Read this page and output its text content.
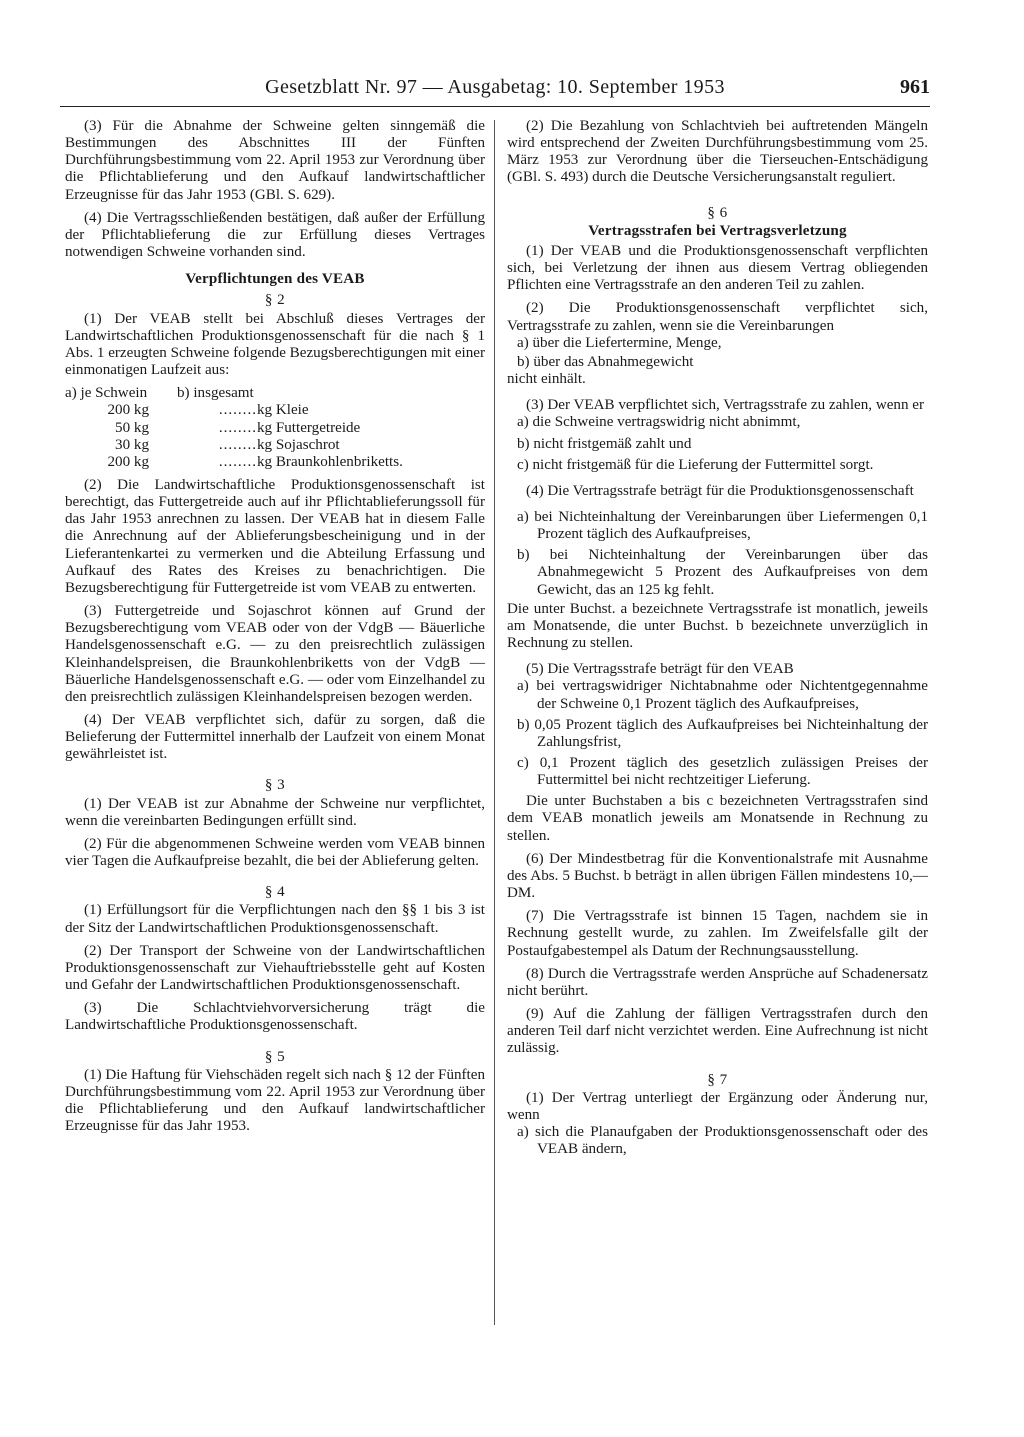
Gesetzblatt Nr. 97 — Ausgabetag: 10. September 1953	961

(3) Für die Abnahme der Schweine gelten sinngemäß die Bestimmungen des Abschnittes III der Fünften Durchführungsbestimmung vom 22. April 1953 zur Verordnung über die Pflichtablieferung und den Aufkauf landwirtschaftlicher Erzeugnisse für das Jahr 1953 (GBl. S. 629).

(4) Die Vertragsschließenden bestätigen, daß außer der Erfüllung der Pflichtablieferung die zur Erfüllung dieses Vertrages notwendigen Schweine vorhanden sind.

Verpflichtungen des VEAB
§ 2

(1) Der VEAB stellt bei Abschluß dieses Vertrages der Landwirtschaftlichen Produktionsgenossenschaft für die nach § 1 Abs. 1 erzeugten Schweine folgende Bezugsberechtigungen mit einer einmonatigen Laufzeit aus:

a) je Schwein	b) insgesamt	
200 kg	........	kg Kleie
50 kg	........	kg Futtergetreide
30 kg	........	kg Sojaschrot
200 kg	........	kg Braunkohlenbriketts.

(2) Die Landwirtschaftliche Produktionsgenossenschaft ist berechtigt, das Futtergetreide auch auf ihr Pflichtablieferungssoll für das Jahr 1953 anrechnen zu lassen. Der VEAB hat in diesem Falle die Anrechnung auf der Ablieferungsbescheinigung und in der Lieferantenkartei zu vermerken und die Abteilung Erfassung und Aufkauf des Rates des Kreises zu benachrichtigen. Die Bezugsberechtigung für Futtergetreide ist vom VEAB zu entwerten.

(3) Futtergetreide und Sojaschrot können auf Grund der Bezugsberechtigung vom VEAB oder von der VdgB — Bäuerliche Handelsgenossenschaft e.G. — zu den preisrechtlich zulässigen Kleinhandelspreisen, die Braunkohlenbriketts von der VdgB — Bäuerliche Handelsgenossenschaft e.G. — oder vom Einzelhandel zu den preisrechtlich zulässigen Kleinhandelspreisen bezogen werden.

(4) Der VEAB verpflichtet sich, dafür zu sorgen, daß die Belieferung der Futtermittel innerhalb der Laufzeit von einem Monat gewährleistet ist.

§ 3

(1) Der VEAB ist zur Abnahme der Schweine nur verpflichtet, wenn die vereinbarten Bedingungen erfüllt sind.

(2) Für die abgenommenen Schweine werden vom VEAB binnen vier Tagen die Aufkaufpreise bezahlt, die bei der Ablieferung gelten.

§ 4

(1) Erfüllungsort für die Verpflichtungen nach den §§ 1 bis 3 ist der Sitz der Landwirtschaftlichen Produktionsgenossenschaft.

(2) Der Transport der Schweine von der Landwirtschaftlichen Produktionsgenossenschaft zur Viehauftriebsstelle geht auf Kosten und Gefahr der Landwirtschaftlichen Produktionsgenossenschaft.

(3) Die Schlachtviehvorversicherung trägt die Landwirtschaftliche Produktionsgenossenschaft.

§ 5

(1) Die Haftung für Viehschäden regelt sich nach § 12 der Fünften Durchführungsbestimmung vom 22. April 1953 zur Verordnung über die Pflichtablieferung und den Aufkauf landwirtschaftlicher Erzeugnisse für das Jahr 1953.

(2) Die Bezahlung von Schlachtvieh bei auftretenden Mängeln wird entsprechend der Zweiten Durchführungsbestimmung vom 25. März 1953 zur Verordnung über die Tierseuchen-Entschädigung (GBl. S. 493) durch die Deutsche Versicherungsanstalt reguliert.

§ 6
Vertragsstrafen bei Vertragsverletzung

(1) Der VEAB und die Produktionsgenossenschaft verpflichten sich, bei Verletzung der ihnen aus diesem Vertrag obliegenden Pflichten eine Vertragsstrafe an den anderen Teil zu zahlen.

(2) Die Produktionsgenossenschaft verpflichtet sich, Vertragsstrafe zu zahlen, wenn sie die Vereinbarungen

a) über die Liefertermine, Menge,

b) über das Abnahmegewicht

nicht einhält.

(3) Der VEAB verpflichtet sich, Vertragsstrafe zu zahlen, wenn er

a) die Schweine vertragswidrig nicht abnimmt,

b) nicht fristgemäß zahlt und

c) nicht fristgemäß für die Lieferung der Futtermittel sorgt.

(4) Die Vertragsstrafe beträgt für die Produktionsgenossenschaft

a) bei Nichteinhaltung der Vereinbarungen über Liefermengen 0,1 Prozent täglich des Aufkaufpreises,

b) bei Nichteinhaltung der Vereinbarungen über das Abnahmegewicht 5 Prozent des Aufkaufpreises von dem Gewicht, das an 125 kg fehlt.

Die unter Buchst. a bezeichnete Vertragsstrafe ist monatlich, jeweils am Monatsende, die unter Buchst. b bezeichnete unverzüglich in Rechnung zu stellen.

(5) Die Vertragsstrafe beträgt für den VEAB

a) bei vertragswidriger Nichtabnahme oder Nichtentgegennahme der Schweine 0,1 Prozent täglich des Aufkaufpreises,

b) 0,05 Prozent täglich des Aufkaufpreises bei Nichteinhaltung der Zahlungsfrist,

c) 0,1 Prozent täglich des gesetzlich zulässigen Preises der Futtermittel bei nicht rechtzeitiger Lieferung.

Die unter Buchstaben a bis c bezeichneten Vertragsstrafen sind dem VEAB monatlich jeweils am Monatsende in Rechnung zu stellen.

(6) Der Mindestbetrag für die Konventionalstrafe mit Ausnahme des Abs. 5 Buchst. b beträgt in allen übrigen Fällen mindestens 10,— DM.

(7) Die Vertragsstrafe ist binnen 15 Tagen, nachdem sie in Rechnung gestellt wurde, zu zahlen. Im Zweifelsfalle gilt der Postaufgabestempel als Datum der Rechnungsausstellung.

(8) Durch die Vertragsstrafe werden Ansprüche auf Schadenersatz nicht berührt.

(9) Auf die Zahlung der fälligen Vertragsstrafen durch den anderen Teil darf nicht verzichtet werden. Eine Aufrechnung ist nicht zulässig.

§ 7

(1) Der Vertrag unterliegt der Ergänzung oder Änderung nur, wenn

a) sich die Planaufgaben der Produktionsgenossenschaft oder des VEAB ändern,
